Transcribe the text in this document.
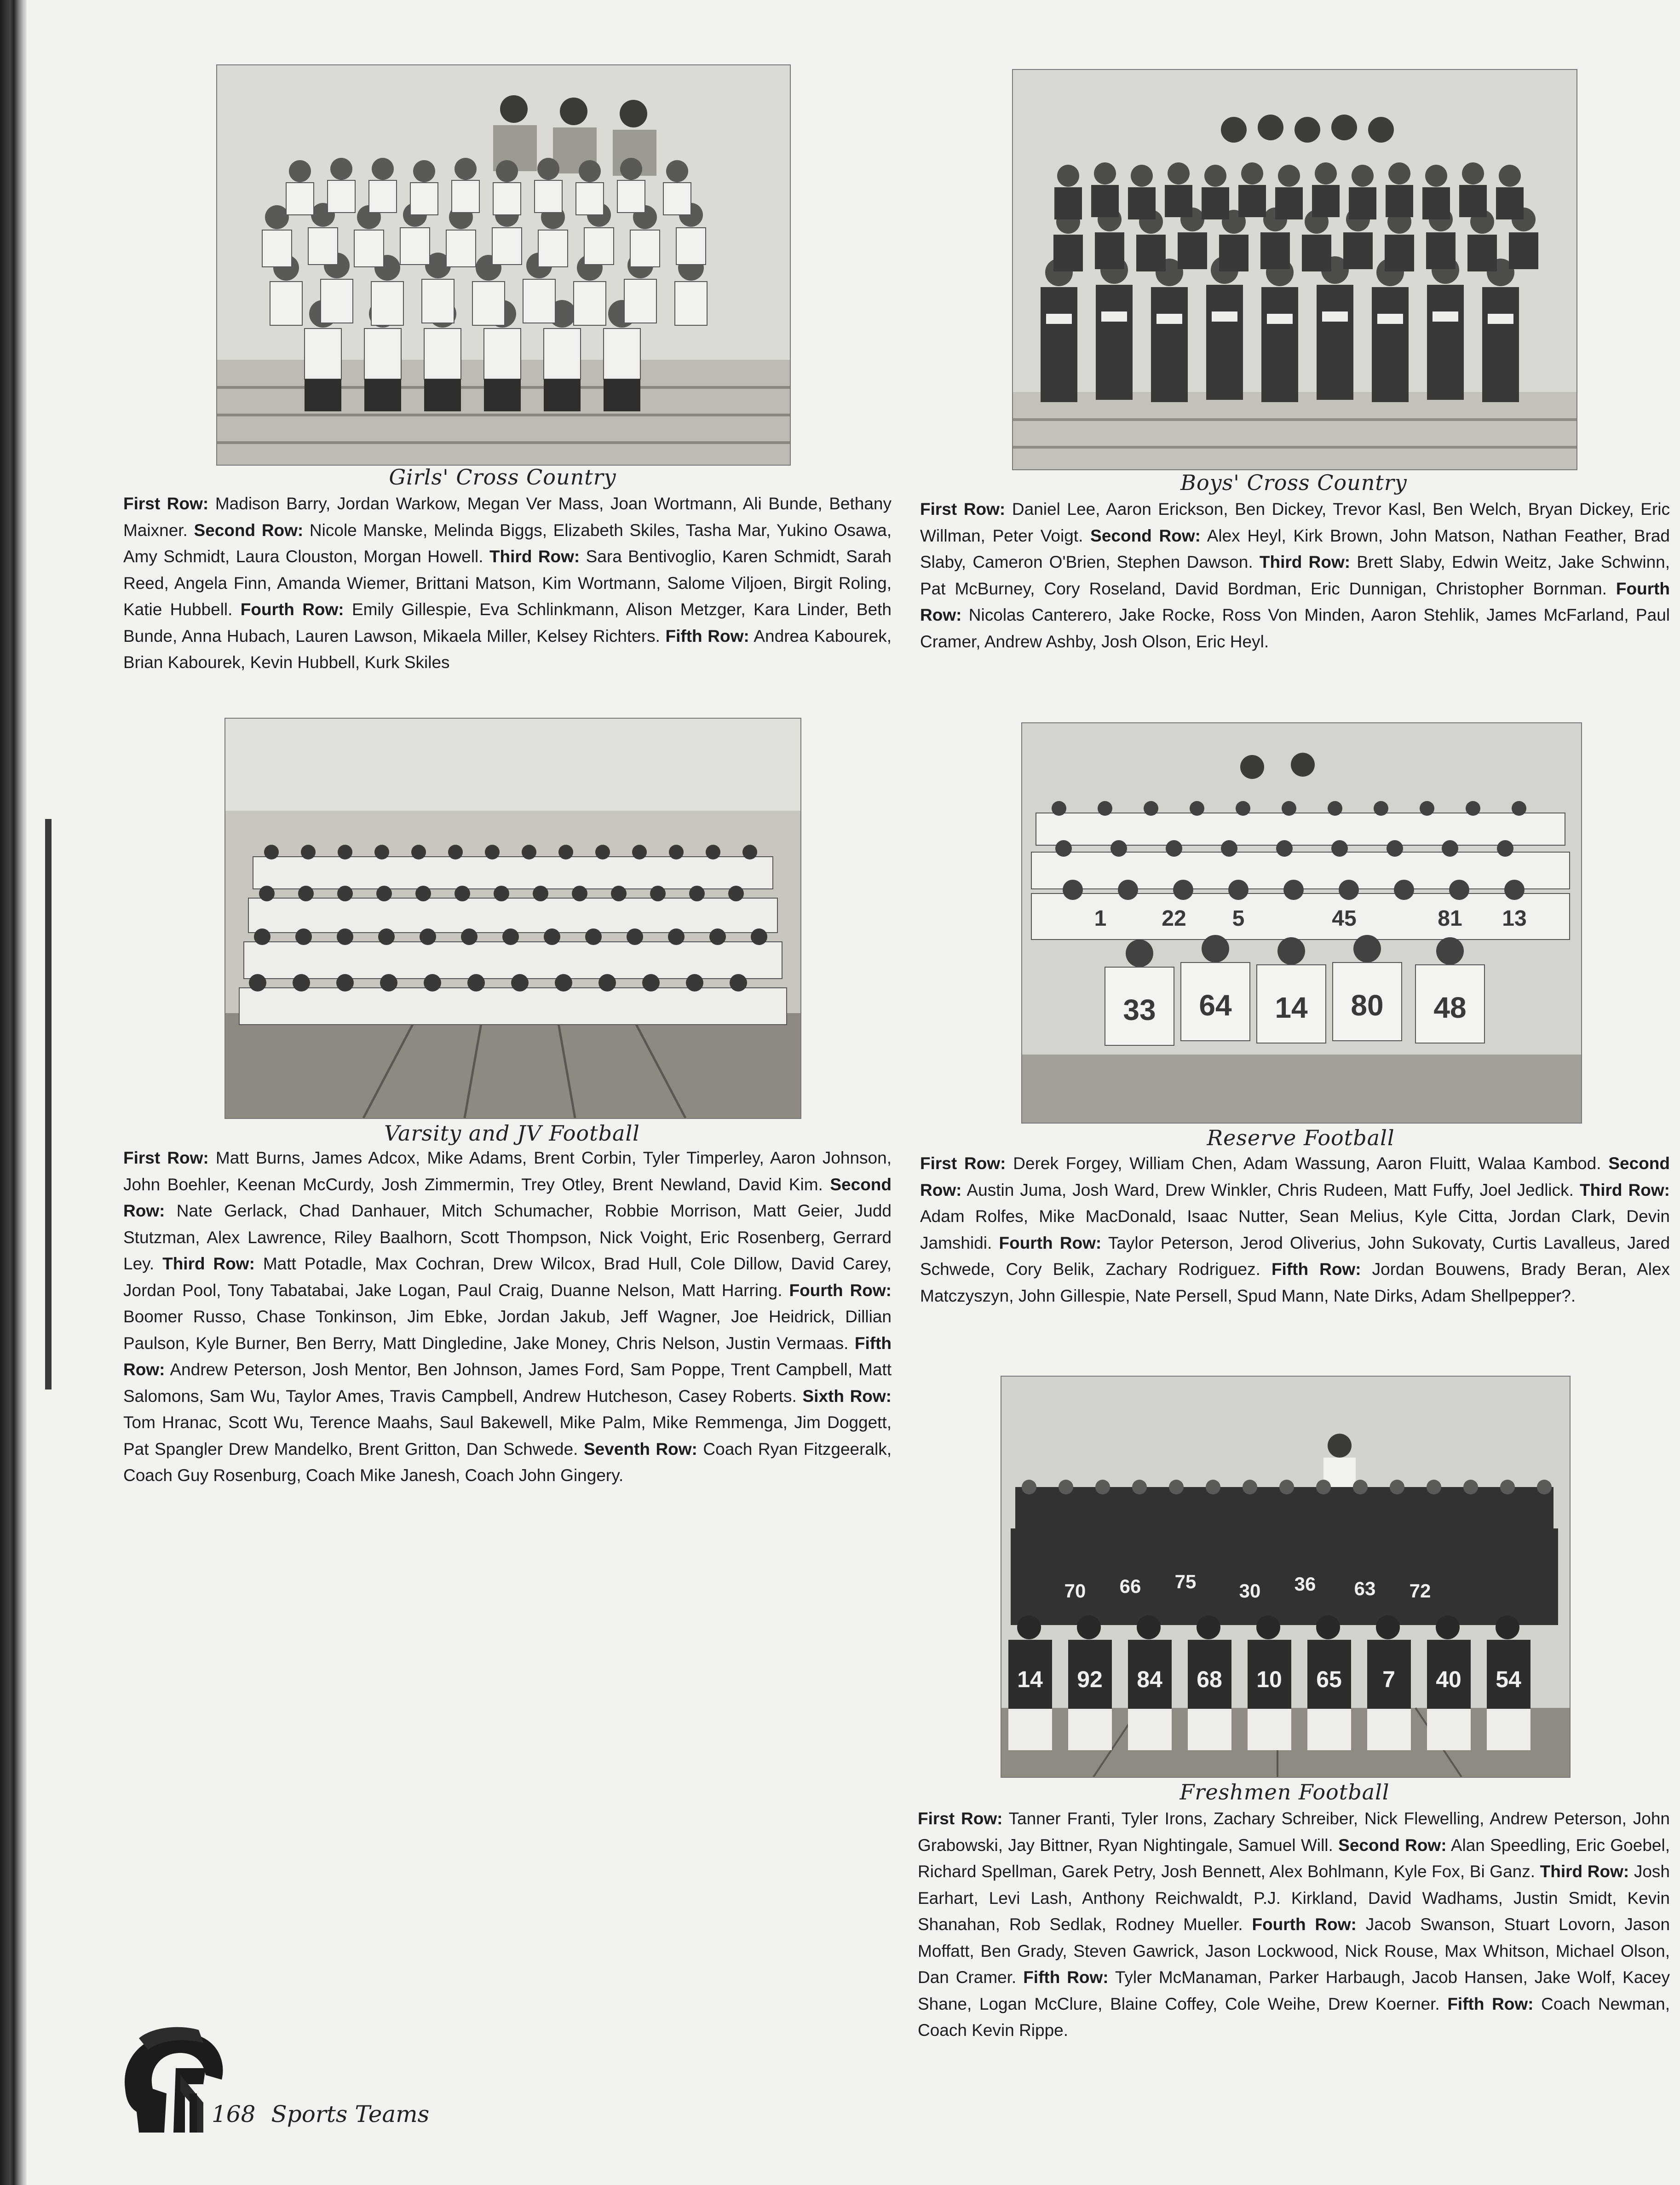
Girls' Cross Country
First Row: Madison Barry, Jordan Warkow, Megan Ver Mass, Joan Wortmann, Ali Bunde, Bethany Maixner. Second Row: Nicole Manske, Melinda Biggs, Elizabeth Skiles, Tasha Mar, Yukino Osawa, Amy Schmidt, Laura Clouston, Morgan Howell. Third Row: Sara Bentivoglio, Karen Schmidt, Sarah Reed, Angela Finn, Amanda Wiemer, Brittani Matson, Kim Wortmann, Salome Viljoen, Birgit Roling, Katie Hubbell. Fourth Row: Emily Gillespie, Eva Schlinkmann, Alison Metzger, Kara Linder, Beth Bunde, Anna Hubach, Lauren Lawson, Mikaela Miller, Kelsey Richters. Fifth Row: Andrea Kabourek, Brian Kabourek, Kevin Hubbell, Kurk Skiles
Boys' Cross Country
First Row: Daniel Lee, Aaron Erickson, Ben Dickey, Trevor Kasl, Ben Welch, Bryan Dickey, Eric Willman, Peter Voigt. Second Row: Alex Heyl, Kirk Brown, John Matson, Nathan Feather, Brad Slaby, Cameron O'Brien, Stephen Dawson. Third Row: Brett Slaby, Edwin Weitz, Jake Schwinn, Pat McBurney, Cory Roseland, David Bordman, Eric Dunnigan, Christopher Bornman. Fourth Row: Nicolas Canterero, Jake Rocke, Ross Von Minden, Aaron Stehlik, James McFarland, Paul Cramer, Andrew Ashby, Josh Olson, Eric Heyl.
Varsity and JV Football
First Row: Matt Burns, James Adcox, Mike Adams, Brent Corbin, Tyler Timperley, Aaron Johnson, John Boehler, Keenan McCurdy, Josh Zimmermin, Trey Otley, Brent Newland, David Kim. Second Row: Nate Gerlack, Chad Danhauer, Mitch Schumacher, Robbie Morrison, Matt Geier, Judd Stutzman, Alex Lawrence, Riley Baalhorn, Scott Thompson, Nick Voight, Eric Rosenberg, Gerrard Ley. Third Row: Matt Potadle, Max Cochran, Drew Wilcox, Brad Hull, Cole Dillow, David Carey, Jordan Pool, Tony Tabatabai, Jake Logan, Paul Craig, Duanne Nelson, Matt Harring. Fourth Row: Boomer Russo, Chase Tonkinson, Jim Ebke, Jordan Jakub, Jeff Wagner, Joe Heidrick, Dillian Paulson, Kyle Burner, Ben Berry, Matt Dingledine, Jake Money, Chris Nelson, Justin Vermaas. Fifth Row: Andrew Peterson, Josh Mentor, Ben Johnson, James Ford, Sam Poppe, Trent Campbell, Matt Salomons, Sam Wu, Taylor Ames, Travis Campbell, Andrew Hutcheson, Casey Roberts. Sixth Row: Tom Hranac, Scott Wu, Terence Maahs, Saul Bakewell, Mike Palm, Mike Remmenga, Jim Doggett, Pat Spangler Drew Mandelko, Brent Gritton, Dan Schwede. Seventh Row: Coach Ryan Fitzgeeralk, Coach Guy Rosenburg, Coach Mike Janesh, Coach John Gingery.
33 64 14 80 48
1 22 5	45	81 13
Reserve Football
First Row: Derek Forgey, William Chen, Adam Wassung, Aaron Fluitt, Walaa Kambod. Second Row: Austin Juma, Josh Ward, Drew Winkler, Chris Rudeen, Matt Fuffy, Joel Jedlick. Third Row: Adam Rolfes, Mike MacDonald, Isaac Nutter, Sean Melius, Kyle Citta, Jordan Clark, Devin Jamshidi. Fourth Row: Taylor Peterson, Jerod Oliverius, John Sukovaty, Curtis Lavalleus, Jared Schwede, Cory Belik, Zachary Rodriguez. Fifth Row: Jordan Bouwens, Brady Beran, Alex Matczyszyn, John Gillespie, Nate Persell, Spud Mann, Nate Dirks, Adam Shellpepper?.
14 92 84 68 10 65 7 40 54
70 66 75 30 36 63 72
Freshmen Football
First Row: Tanner Franti, Tyler Irons, Zachary Schreiber, Nick Flewelling, Andrew Peterson, John Grabowski, Jay Bittner, Ryan Nightingale, Samuel Will. Second Row: Alan Speedling, Eric Goebel, Richard Spellman, Garek Petry, Josh Bennett, Alex Bohlmann, Kyle Fox, Bi Ganz. Third Row: Josh Earhart, Levi Lash, Anthony Reichwaldt, P.J. Kirkland, David Wadhams, Justin Smidt, Kevin Shanahan, Rob Sedlak, Rodney Mueller. Fourth Row: Jacob Swanson, Stuart Lovorn, Jason Moffatt, Ben Grady, Steven Gawrick, Jason Lockwood, Nick Rouse, Max Whitson, Michael Olson, Dan Cramer. Fifth Row: Tyler McManaman, Parker Harbaugh, Jacob Hansen, Jake Wolf, Kacey Shane, Logan McClure, Blaine Coffey, Cole Weihe, Drew Koerner. Fifth Row: Coach Newman, Coach Kevin Rippe.
168 Sports Teams
